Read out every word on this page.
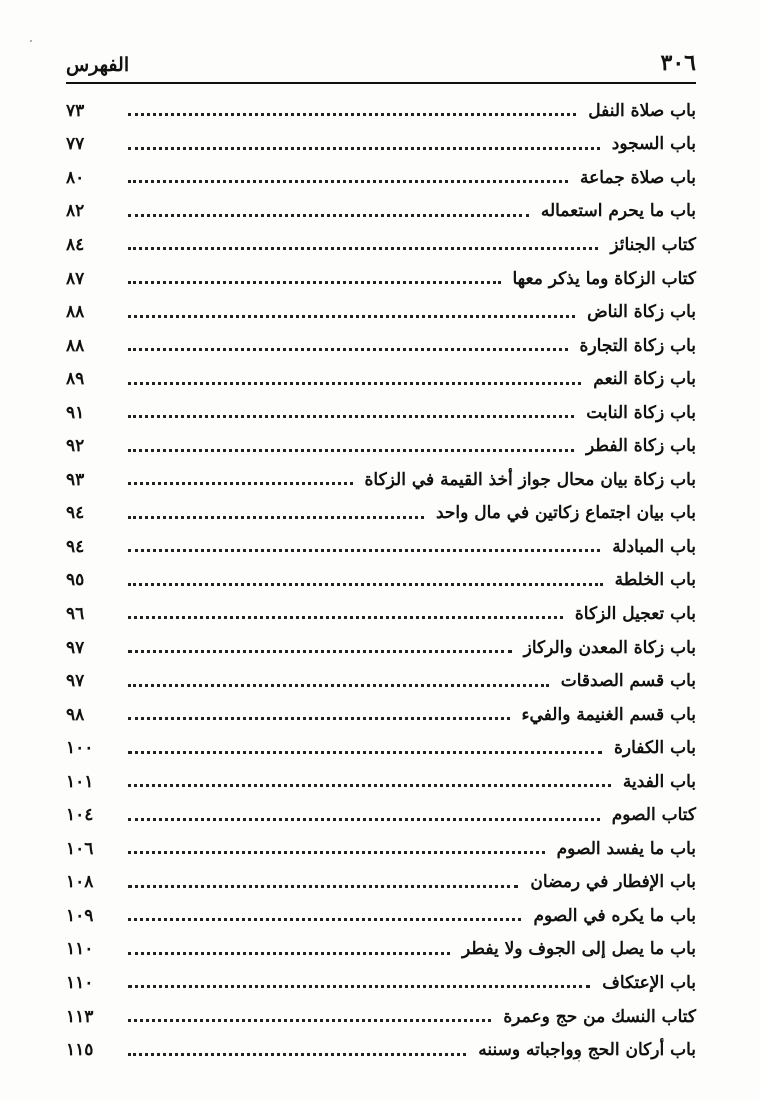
٣٠٦
الفهرس
باب صلاة النفل
٧٣
باب السجود
٧٧
باب صلاة جماعة
٨٠
باب ما يحرم استعماله
٨٢
كتاب الجنائز
٨٤
كتاب الزكاة وما يذكر معها
٨٧
باب زكاة الناض
٨٨
باب زكاة التجارة
٨٨
باب زكاة النعم
٨٩
باب زكاة النابت
٩١
باب زكاة الفطر
٩٢
باب زكاة بيان محال جواز أخذ القيمة في الزكاة
٩٣
باب بيان اجتماع زكاتين في مال واحد
٩٤
باب المبادلة
٩٤
باب الخلطة
٩٥
باب تعجيل الزكاة
٩٦
باب زكاة المعدن والركاز
٩٧
باب قسم الصدقات
٩٧
باب قسم الغنيمة والفيء
٩٨
باب الكفارة
١٠٠
باب الفدية
١٠١
كتاب الصوم
١٠٤
باب ما يفسد الصوم
١٠٦
باب الإفطار في رمضان
١٠٨
باب ما يكره في الصوم
١٠٩
باب ما يصل إلى الجوف ولا يفطر
١١٠
باب الإعتكاف
١١٠
كتاب النسك من حج وعمرة
١١٣
باب أركان الحج وواجباته وسننه
١١٥
